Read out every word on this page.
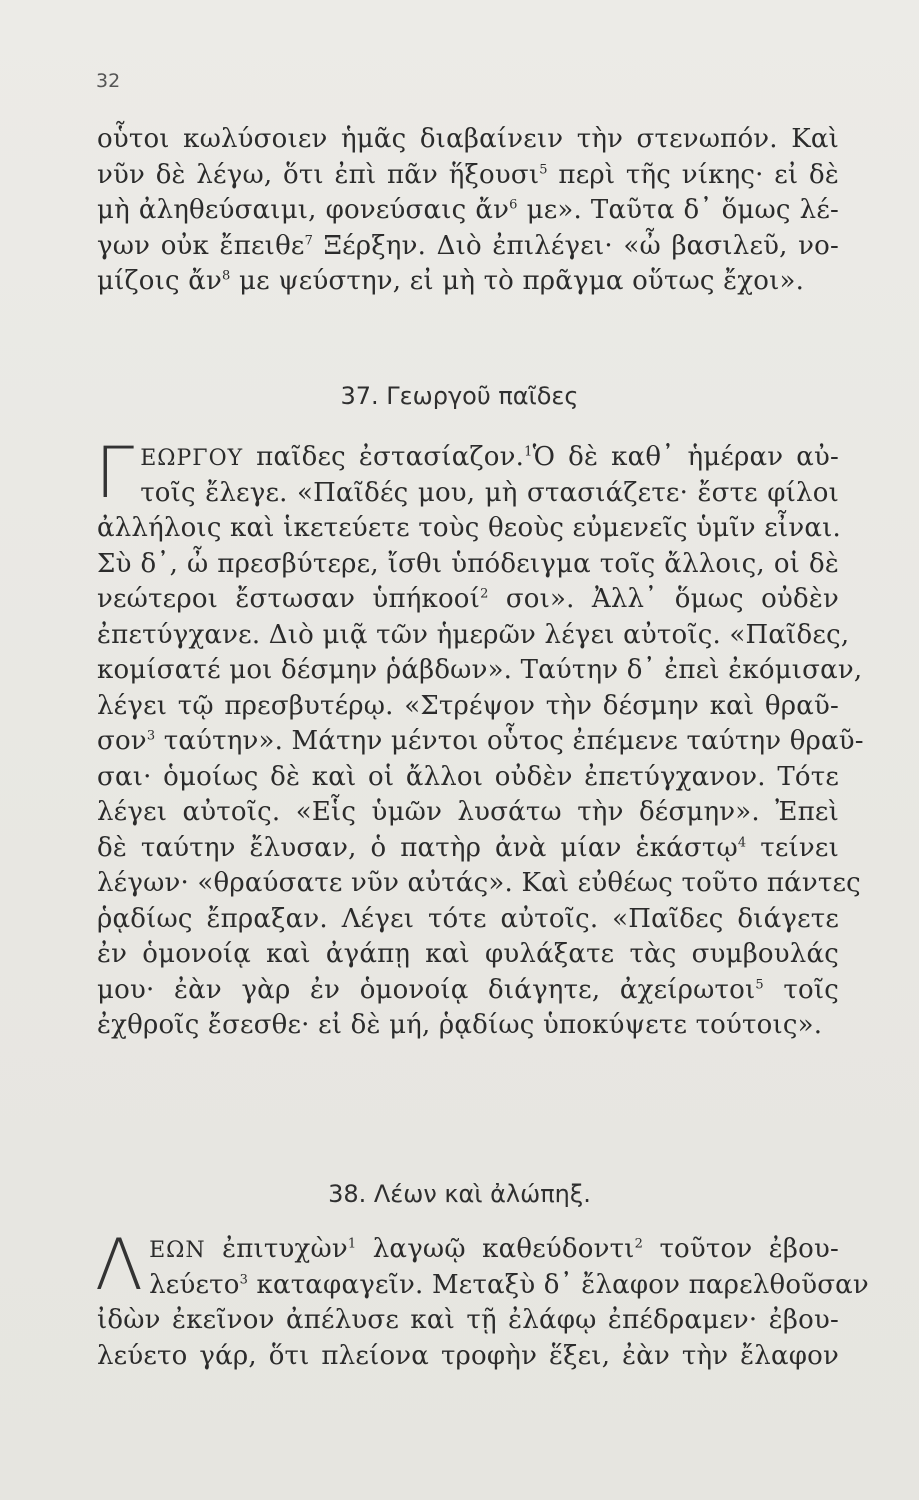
32
οὗτοι κωλύσοιεν ἡμᾶς διαβαίνειν τὴν στενωπόν. Καὶ
νῦν δὲ λέγω, ὅτι ἐπὶ πᾶν ἥξουσι$^5$ περὶ τῆς νίκης· εἰ δὲ
μὴ ἀληθεύσαιμι, φονεύσαις ἄν$^6$ με». Ταῦτα δ᾽ ὅμως λέ-
γων οὐκ ἔπειθε$^7$ Ξέρξην. Διὸ ἐπιλέγει· «ὦ βασιλεῦ, νο-
μίζοις ἄν$^8$ με ψεύστην, εἰ μὴ τὸ πρᾶγμα οὕτως ἔχοι».
37. Γεωργοῦ παῖδες
Γ ΕΩΡΓΟΥ παῖδες ἐστασίαζον.$^1$Ὁ δὲ καθ᾽ ἡμέραν αὐ-
τοῖς ἔλεγε. «Παῖδές μου, μὴ στασιάζετε· ἔστε φίλοι
ἀλλήλοις καὶ ἱκετεύετε τοὺς θεοὺς εὐμενεῖς ὑμῖν εἶναι.
Σὺ δ᾽, ὦ πρεσβύτερε, ἴσθι ὑπόδειγμα τοῖς ἄλλοις, οἱ δὲ
νεώτεροι ἔστωσαν ὑπήκοοί$^2$ σοι». Ἀλλ᾽ ὅμως οὐδὲν
ἐπετύγχανε. Διὸ μιᾷ τῶν ἡμερῶν λέγει αὐτοῖς. «Παῖδες,
κομίσατέ μοι δέσμην ῥάβδων». Ταύτην δ᾽ ἐπεὶ ἐκόμισαν,
λέγει τῷ πρεσβυτέρῳ. «Στρέψον τὴν δέσμην καὶ θραῦ-
σον$^3$ ταύτην». Μάτην μέντοι οὗτος ἐπέμενε ταύτην θραῦ-
σαι· ὁμοίως δὲ καὶ οἱ ἄλλοι οὐδὲν ἐπετύγχανον. Τότε
λέγει αὐτοῖς. «Εἷς ὑμῶν λυσάτω τὴν δέσμην». Ἐπεὶ
δὲ ταύτην ἔλυσαν, ὁ πατὴρ ἀνὰ μίαν ἑκάστῳ$^4$ τείνει
λέγων· «θραύσατε νῦν αὐτάς». Καὶ εὐθέως τοῦτο πάντες
ῥᾳδίως ἔπραξαν. Λέγει τότε αὐτοῖς. «Παῖδες διάγετε
ἐν ὁμονοίᾳ καὶ ἀγάπῃ καὶ φυλάξατε τὰς συμβουλάς
μου· ἐὰν γὰρ ἐν ὁμονοίᾳ διάγητε, ἀχείρωτοι$^5$ τοῖς
ἐχθροῖς ἔσεσθε· εἰ δὲ μή, ῥᾳδίως ὑποκύψετε τούτοις».
38. Λέων καὶ ἀλώπηξ.
Λ ΕΩΝ ἐπιτυχὼν$^1$ λαγωῷ καθεύδοντι$^2$ τοῦτον ἐβου-
λεύετο$^3$ καταφαγεῖν. Μεταξὺ δ᾽ ἔλαφον παρελθοῦσαν
ἰδὼν ἐκεῖνον ἀπέλυσε καὶ τῇ ἐλάφῳ ἐπέδραμεν· ἐβου-
λεύετο γάρ, ὅτι πλείονα τροφὴν ἕξει, ἐὰν τὴν ἔλαφον
